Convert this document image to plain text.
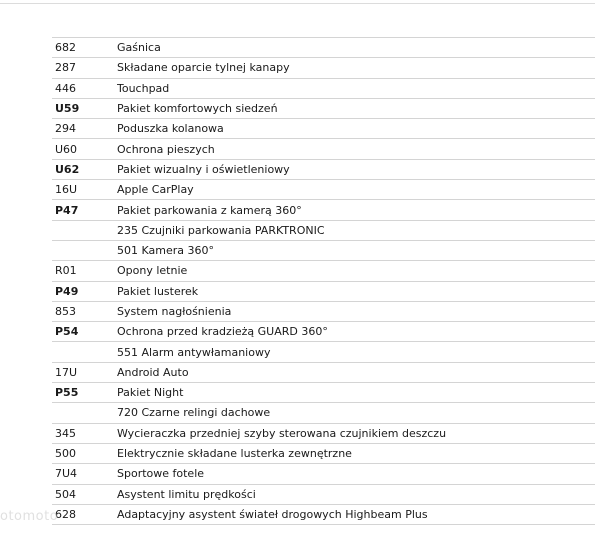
682	Gaśnica
287	Składane oparcie tylnej kanapy
446	Touchpad
U59	Pakiet komfortowych siedzeń
294	Poduszka kolanowa
U60	Ochrona pieszych
U62	Pakiet wizualny i oświetleniowy
16U	Apple CarPlay
P47	Pakiet parkowania z kamerą 360°
	235 Czujniki parkowania PARKTRONIC
	501 Kamera 360°
R01	Opony letnie
P49	Pakiet lusterek
853	System nagłośnienia
P54	Ochrona przed kradzieżą GUARD 360°
	551 Alarm antywłamaniowy
17U	Android Auto
P55	Pakiet Night
	720 Czarne relingi dachowe
345	Wycieraczka przedniej szyby sterowana czujnikiem deszczu
500	Elektrycznie składane lusterka zewnętrzne
7U4	Sportowe fotele
504	Asystent limitu prędkości
628	Adaptacyjny asystent świateł drogowych Highbeam Plus
otomoto
